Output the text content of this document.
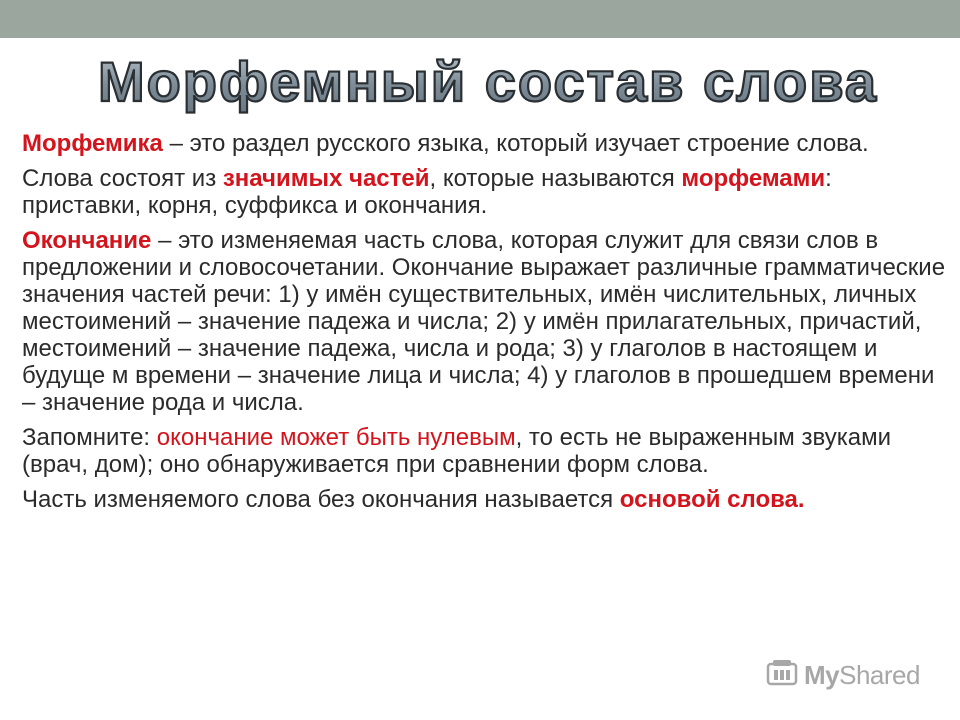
Морфемный состав слова

Морфемика – это раздел русского языка, который изучает строение слова.

Слова состоят из значимых частей, которые называются морфемами: приставки, корня, суффикса и окончания.

Окончание – это изменяемая часть слова, которая служит для связи слов в предложении и словосочетании. Окончание выражает различные грамматические значения частей речи: 1) у имён существительных, имён числительных, личных местоимений – значение падежа и числа; 2) у имён прилагательных, причастий, местоимений – значение падежа, числа и рода; 3) у глаголов в настоящем и будуще м времени – значение лица и числа; 4) у глаголов в прошедшем времени – значение рода и числа.

Запомните: окончание может быть нулевым, то есть не выраженным звуками (врач, дом); оно обнаруживается при сравнении форм слова.

Часть изменяемого слова без окончания называется основой слова.

MyShared
